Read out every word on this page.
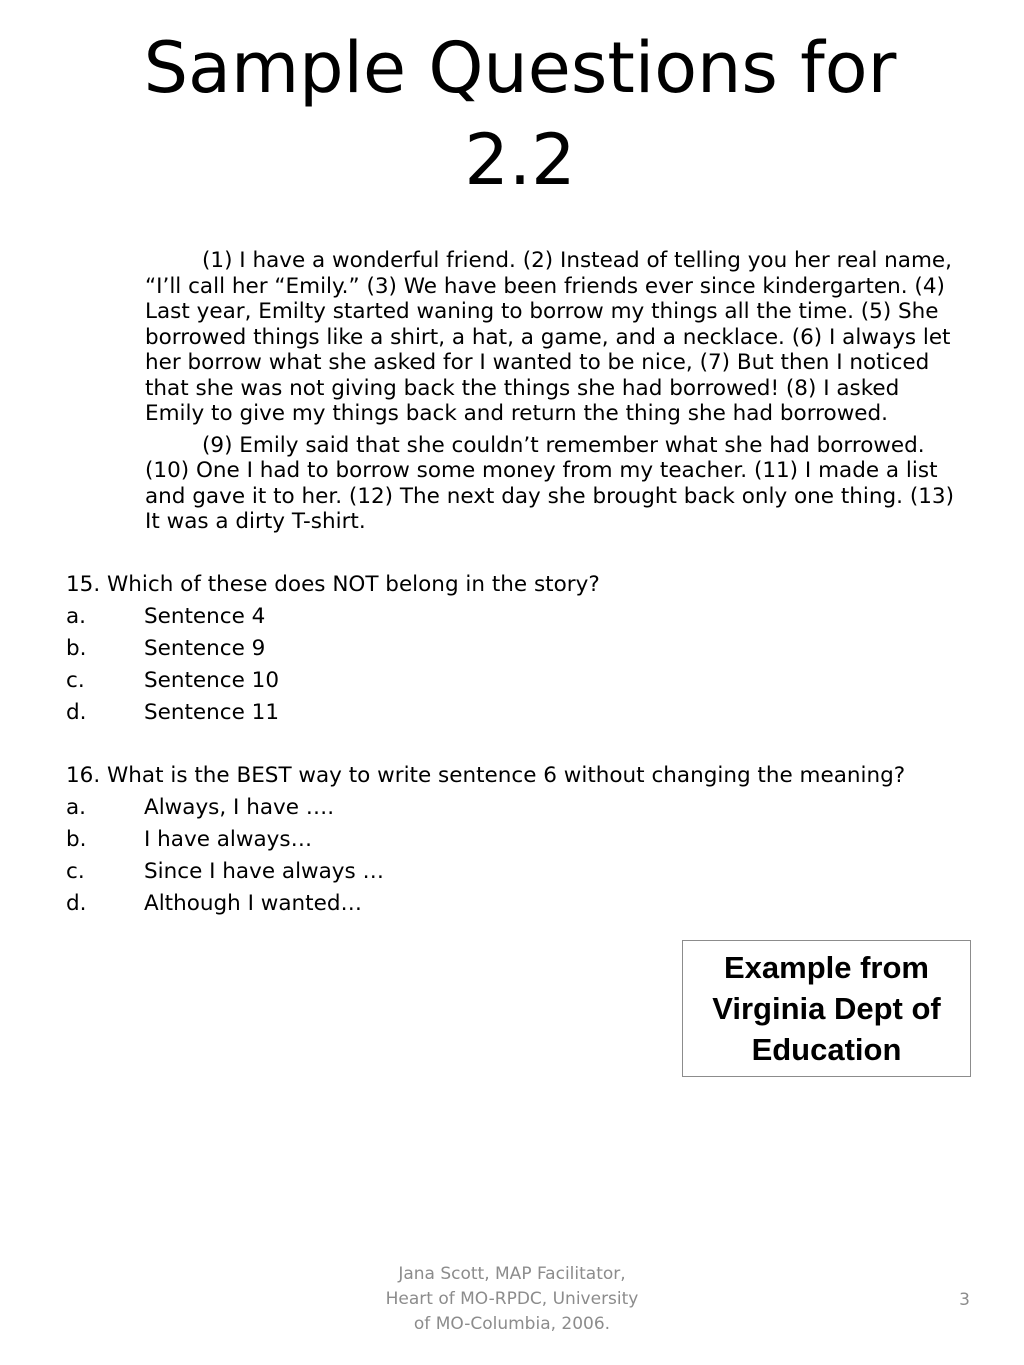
Sample Questions for
2.2

(1) I have a wonderful friend. (2) Instead of telling you her real name, “I’ll call her “Emily.” (3) We have been friends ever since kindergarten. (4) Last year, Emilty started waning to borrow my things all the time. (5) She borrowed things like a shirt, a hat, a game, and a necklace. (6) I always let her borrow what she asked for I wanted to be nice, (7) But then I noticed that she was not giving back the things she had borrowed! (8) I asked Emily to give my things back and return the thing she had borrowed.

(9) Emily said that she couldn’t remember what she had borrowed. (10) One I had to borrow some money from my teacher. (11) I made a list and gave it to her. (12) The next day she brought back only one thing. (13) It was a dirty T-shirt.

15. Which of these does NOT belong in the story?
a.	Sentence 4
b.	Sentence 9
c.	Sentence 10
d.	Sentence 11
16. What is the BEST way to write sentence 6 without changing the meaning?
a.	Always, I have ….
b.	I have always…
c.	Since I have always …
d.	Although I wanted…
Example from
Virginia Dept of
Education
Jana Scott, MAP Facilitator,
Heart of MO-RPDC, University
of MO-Columbia, 2006.
3
